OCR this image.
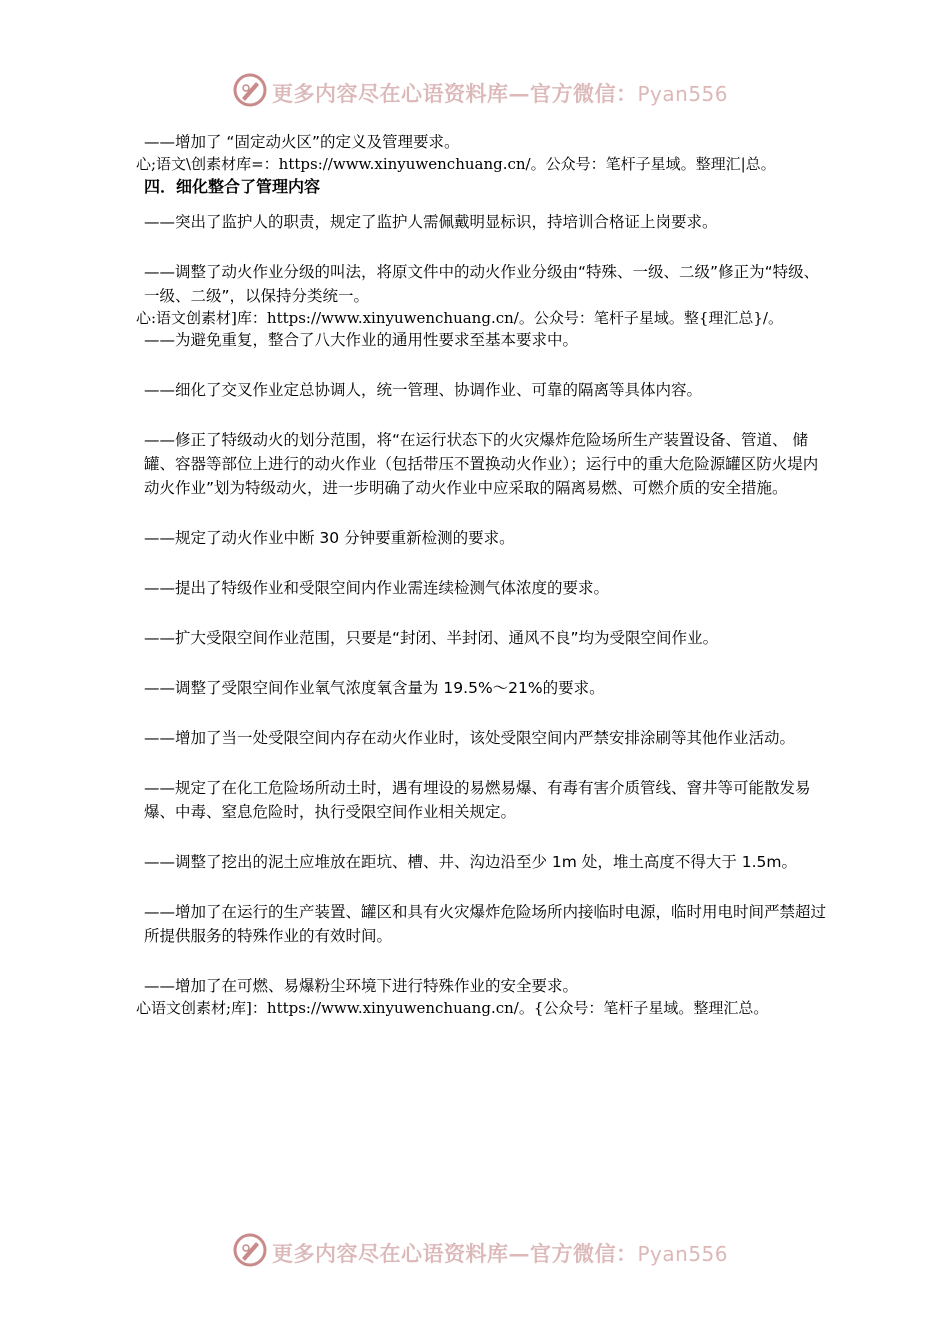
更多内容尽在心语资料库—官方微信：Pyan556

——增加了 “固定动火区”的定义及管理要求。

心;语文\创素材库=：https://www.xinyuwenchuang.cn/。公众号：笔杆子星域。整理汇|总。

四．细化整合了管理内容

——突出了监护人的职责，规定了监护人需佩戴明显标识，持培训合格证上岗要求。

——调整了动火作业分级的叫法，将原文件中的动火作业分级由“特殊、一级、二级”修正为“特级、一级、二级”，以保持分类统一。

心:语文创素材]库：https://www.xinyuwenchuang.cn/。公众号：笔杆子星域。整{理汇总}/。

——为避免重复，整合了八大作业的通用性要求至基本要求中。

——细化了交叉作业定总协调人，统一管理、协调作业、可靠的隔离等具体内容。

——修正了特级动火的划分范围，将“在运行状态下的火灾爆炸危险场所生产装置设备、管道、 储 罐、容器等部位上进行的动火作业（包括带压不置换动火作业）；运行中的重大危险源罐区防火堤内 动火作业”划为特级动火，进一步明确了动火作业中应采取的隔离易燃、可燃介质的安全措施。

——规定了动火作业中断 30 分钟要重新检测的要求。

——提出了特级作业和受限空间内作业需连续检测气体浓度的要求。

——扩大受限空间作业范围，只要是“封闭、半封闭、通风不良”均为受限空间作业。

——调整了受限空间作业氧气浓度氧含量为 19.5%～21%的要求。

——增加了当一处受限空间内存在动火作业时，该处受限空间内严禁安排涂刷等其他作业活动。

——规定了在化工危险场所动土时，遇有埋设的易燃易爆、有毒有害介质管线、窨井等可能散发易爆、中毒、窒息危险时，执行受限空间作业相关规定。

——调整了挖出的泥土应堆放在距坑、槽、井、沟边沿至少 1m 处，堆土高度不得大于 1.5m。

——增加了在运行的生产装置、罐区和具有火灾爆炸危险场所内接临时电源，临时用电时间严禁超过所提供服务的特殊作业的有效时间。

——增加了在可燃、易爆粉尘环境下进行特殊作业的安全要求。

心语文创素材;库]：https://www.xinyuwenchuang.cn/。{公众号：笔杆子星域。整理汇总。

更多内容尽在心语资料库—官方微信：Pyan556
